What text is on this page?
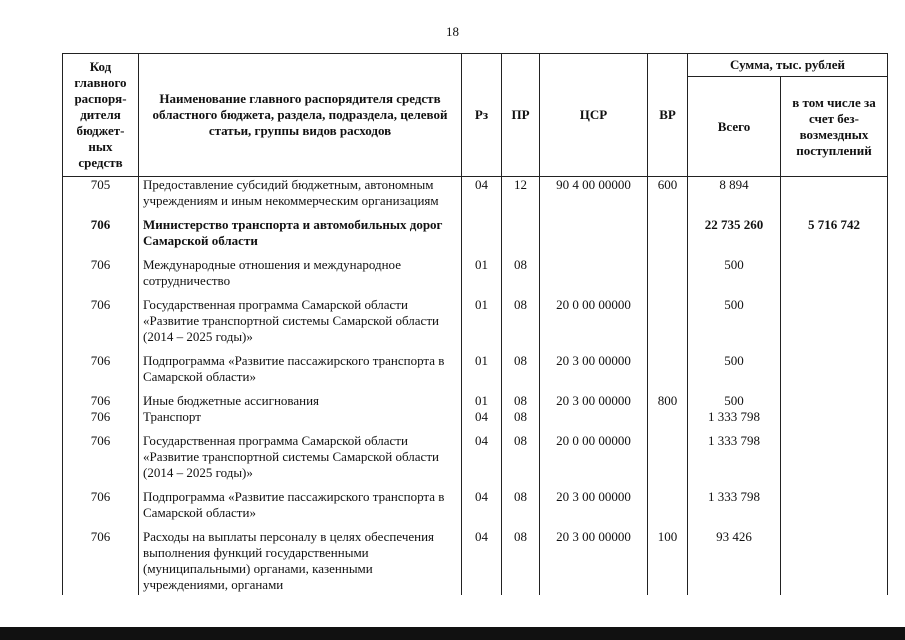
18
Код главного распоря-дителя бюджет-ных средств	Наименование главного распорядителя средств областного бюджета, раздела, подраздела, целевой статьи, группы видов расходов	Рз	ПР	ЦСР	ВР	Сумма, тыс. рублей	
						Всего	в том числе за счет без-возмездных поступлений
705	Предоставление субсидий бюджетным, автономным учреждениям и иным некоммерческим организациям	04	12	90 4 00 00000	600	8 894	
706	Министерство транспорта и автомобильных дорог Самарской области					22 735 260	5 716 742
706	Международные отношения и международное сотрудничество	01	08			500	
706	Государственная программа Самарской области «Развитие транспортной системы Самарской области (2014 – 2025 годы)»	01	08	20 0 00 00000		500	
706	Подпрограмма «Развитие пассажирского транспорта в Самарской области»	01	08	20 3 00 00000		500	
706	Иные бюджетные ассигнования	01	08	20 3 00 00000	800	500	
706	Транспорт	04	08			1 333 798	
706	Государственная программа Самарской области «Развитие транспортной системы Самарской области (2014 – 2025 годы)»	04	08	20 0 00 00000		1 333 798	
706	Подпрограмма «Развитие пассажирского транспорта в Самарской области»	04	08	20 3 00 00000		1 333 798	
706	Расходы на выплаты персоналу в целях обеспечения выполнения функций государственными (муниципальными) органами, казенными учреждениями, органами	04	08	20 3 00 00000	100	93 426	
